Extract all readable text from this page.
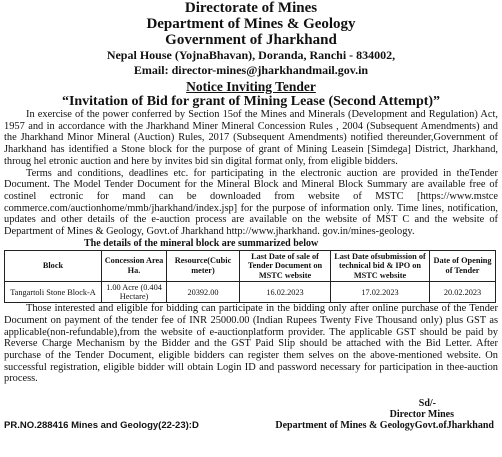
Directorate of Mines
Department of Mines & Geology
Government of Jharkhand
Nepal House (YojnaBhavan), Doranda, Ranchi - 834002,
Email: director-mines@jharkhandmail.gov.in
Notice Inviting Tender
“Invitation of Bid for grant of Mining Lease (Second Attempt)”

In exercise of the power conferred by Section 15of the Mines and Minerals (Development and Regulation) Act, 1957 and in accordance with the Jharkhand Miner Mineral Concession Rules , 2004 (Subsequent Amendments) and the Jharkhand Minor Mineral (Auction) Rules, 2017 (Subsequent Amendments) notified thereunder,Government of Jharkhand has identified a Stone block for the purpose of grant of Mining Leasein [Simdega] District, Jharkhand, throug hel etronic auction and here by invites bid sin digital format only, from eligible bidders.

Terms and conditions, deadlines etc. for participating in the electronic auction are provided in theTender Document. The Model Tender Document for the Mineral Block and Mineral Block Summary are available free of costinel ectronic for mand can be downloaded from website of MSTC [https://www.mstce commerce.com/auctionhome/mmb/jharkhand/index.jsp] for the purpose of information only. Time lines, notification, updates and other details of the e-auction process are available on the website of MST C and the website of Department of Mines & Geology, Govt.of Jharkhand http://www.jharkhand. gov.in/mines-geology.

The details of the mineral block are summarized below
Block	Concession Area Ha.	Resource(Cubic meter)	Last Date of sale of Tender Document on MSTC website	Last Date ofsubmission of technical bid & IPO on MSTC website	Date of Opening of Tender
Tangartoli Stone Block-A	1.00 Acre (0.404 Hectare)	20392.00	16.02.2023	17.02.2023	20.02.2023

Those interested and eligible for bidding can participate in the bidding only after online purchase of the Tender Document on payment of the tender fee of INR 25000.00 (Indian Rupees Twenty Five Thousand only) plus GST as applicable(non-refundable),from the website of e-auctionplatform provider. The applicable GST should be paid by Reverse Charge Mechanism by the Bidder and the GST Paid Slip should be attached with the Bid Letter. After purchase of the Tender Document, eligible bidders can register them selves on the above-mentioned website. On successful registration, eligible bidder will obtain Login ID and password necessary for participation in thee-auction process.

Sd/-
Director Mines
PR.NO.288416 Mines and Geology(22-23):D	Department of Mines & GeologyGovt.ofJharkhand
